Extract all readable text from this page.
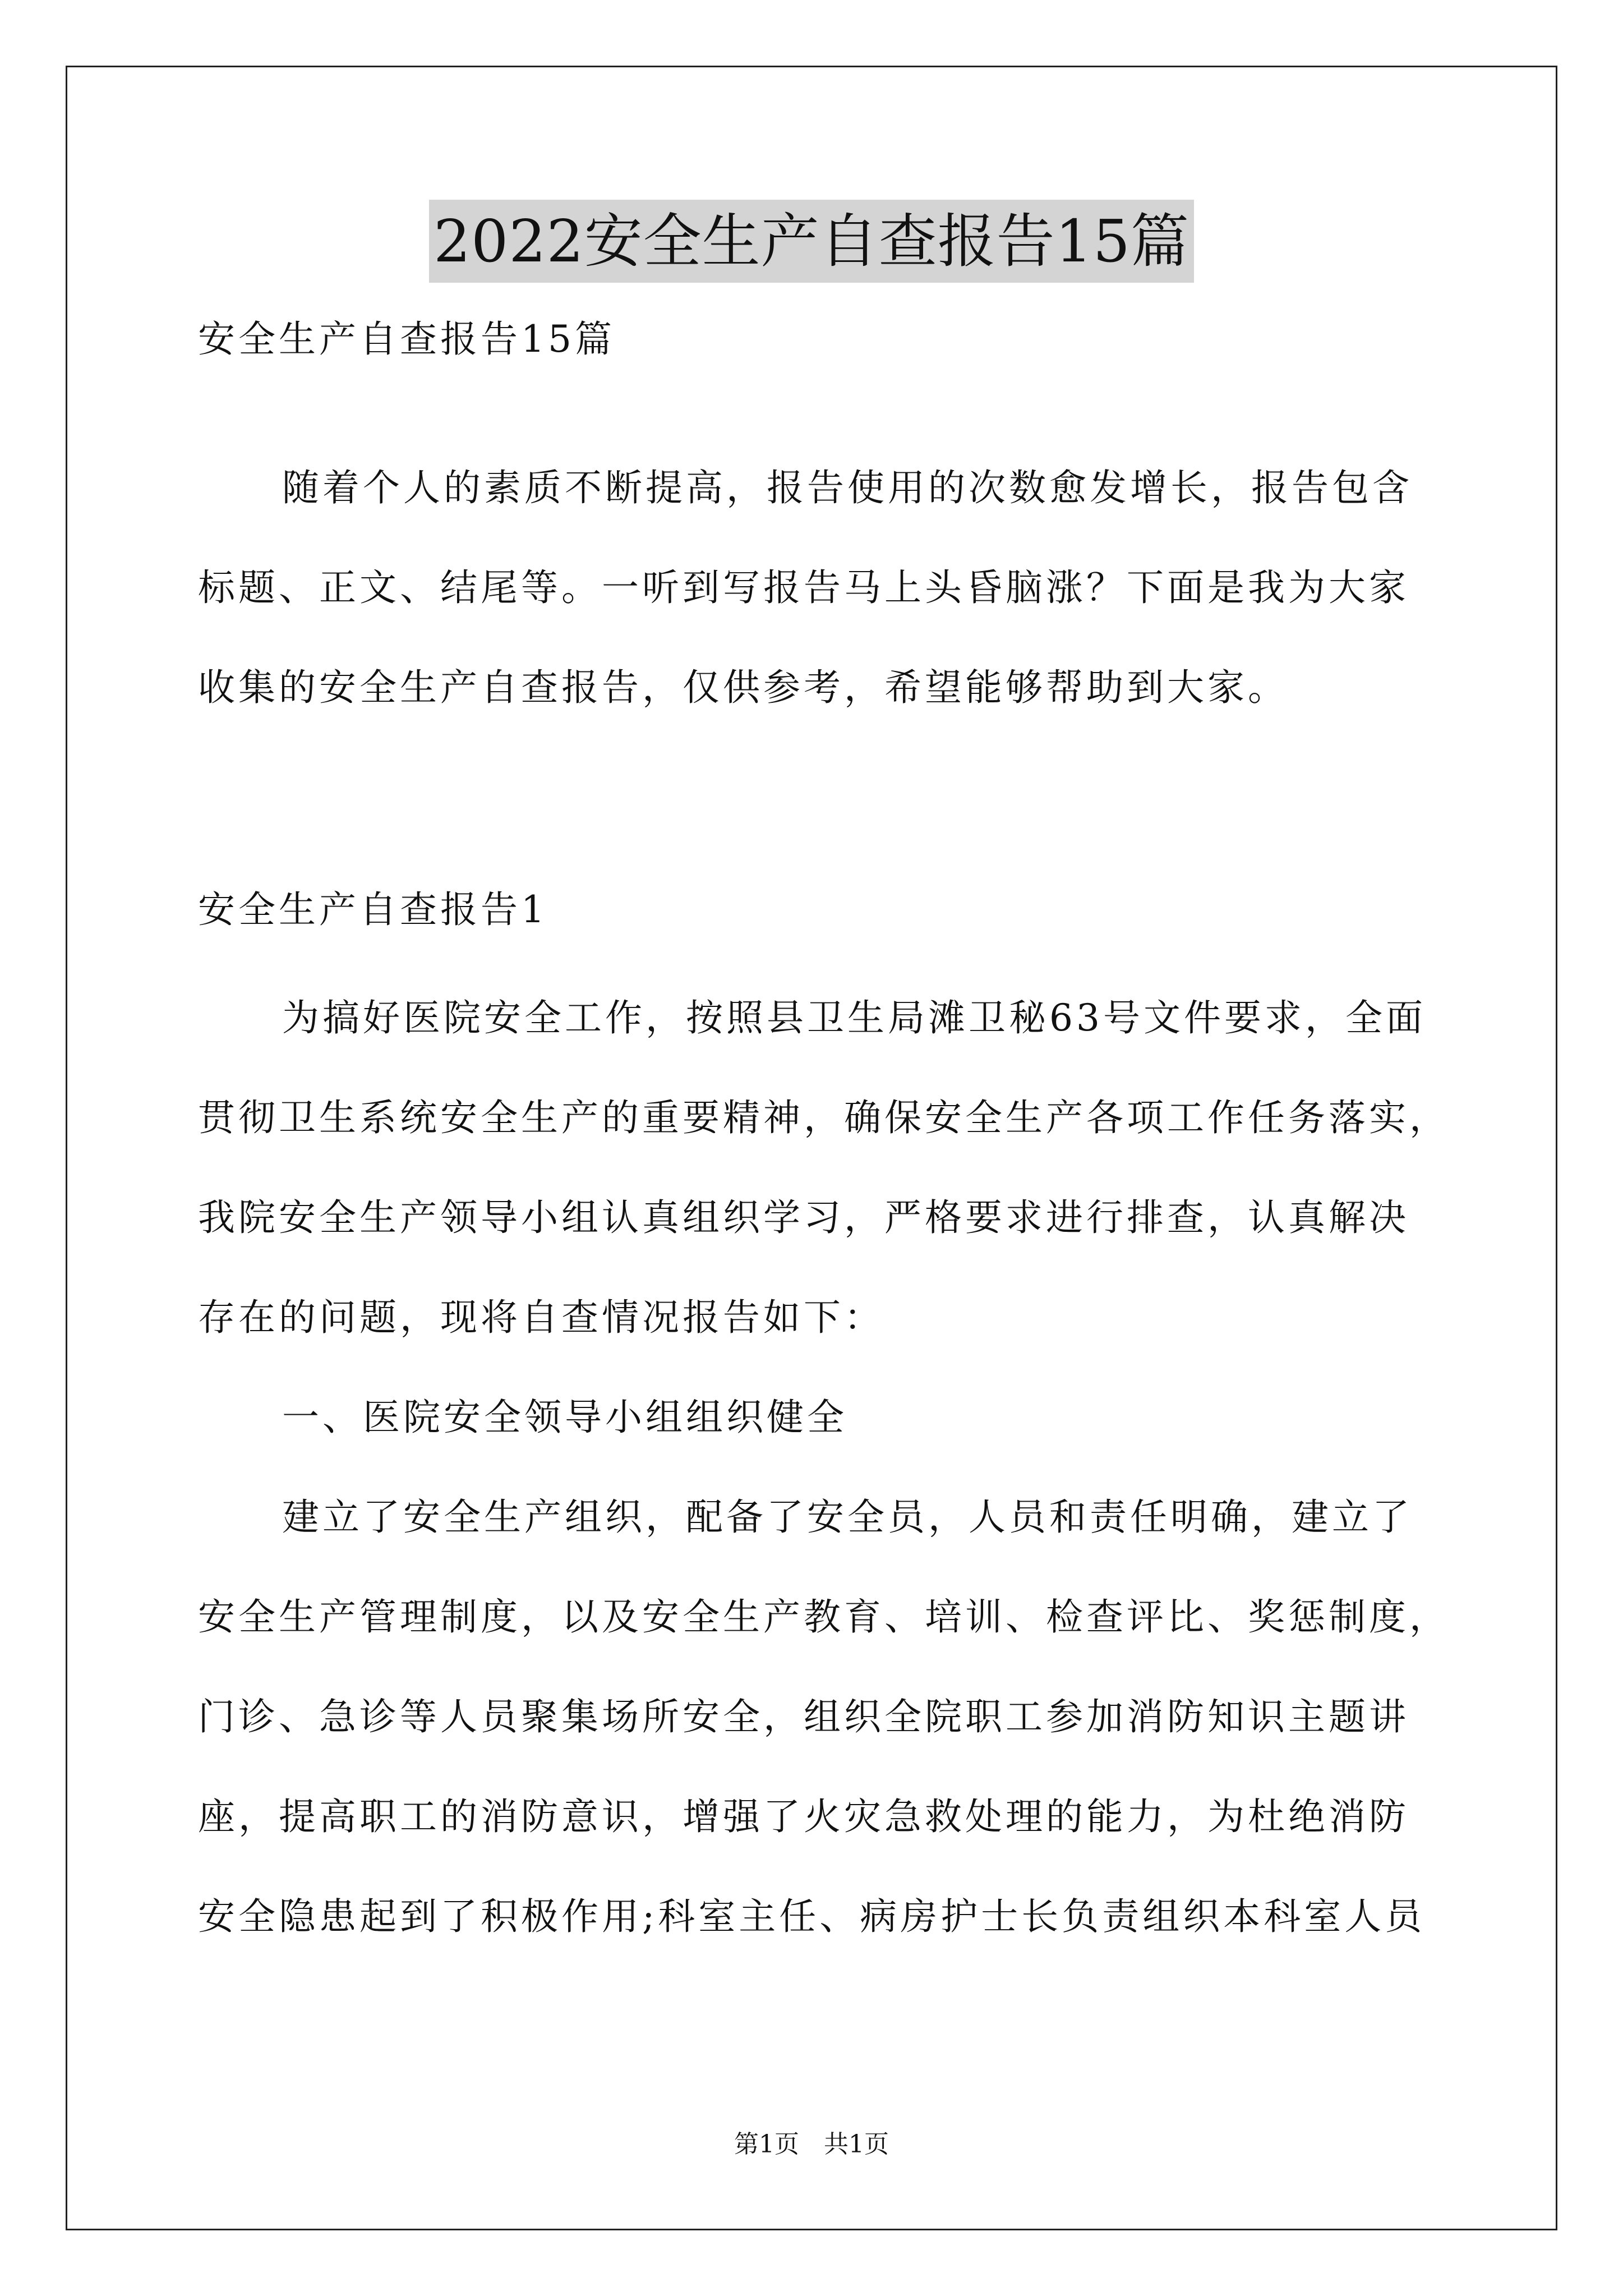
2022安全生产自查报告15篇
安全生产自查报告15篇
随着个人的素质不断提高，报告使用的次数愈发增长，报告包含
标题、正文、结尾等。一听到写报告马上头昏脑涨？下面是我为大家
收集的安全生产自查报告，仅供参考，希望能够帮助到大家。
安全生产自查报告1
为搞好医院安全工作，按照县卫生局滩卫秘63号文件要求，全面
贯彻卫生系统安全生产的重要精神，确保安全生产各项工作任务落实，
我院安全生产领导小组认真组织学习，严格要求进行排查，认真解决
存在的问题，现将自查情况报告如下：
一、医院安全领导小组组织健全
建立了安全生产组织，配备了安全员，人员和责任明确，建立了
安全生产管理制度，以及安全生产教育、培训、检查评比、奖惩制度，
门诊、急诊等人员聚集场所安全，组织全院职工参加消防知识主题讲
座，提高职工的消防意识，增强了火灾急救处理的能力，为杜绝消防
安全隐患起到了积极作用;科室主任、病房护士长负责组织本科室人员
第1页　共1页
